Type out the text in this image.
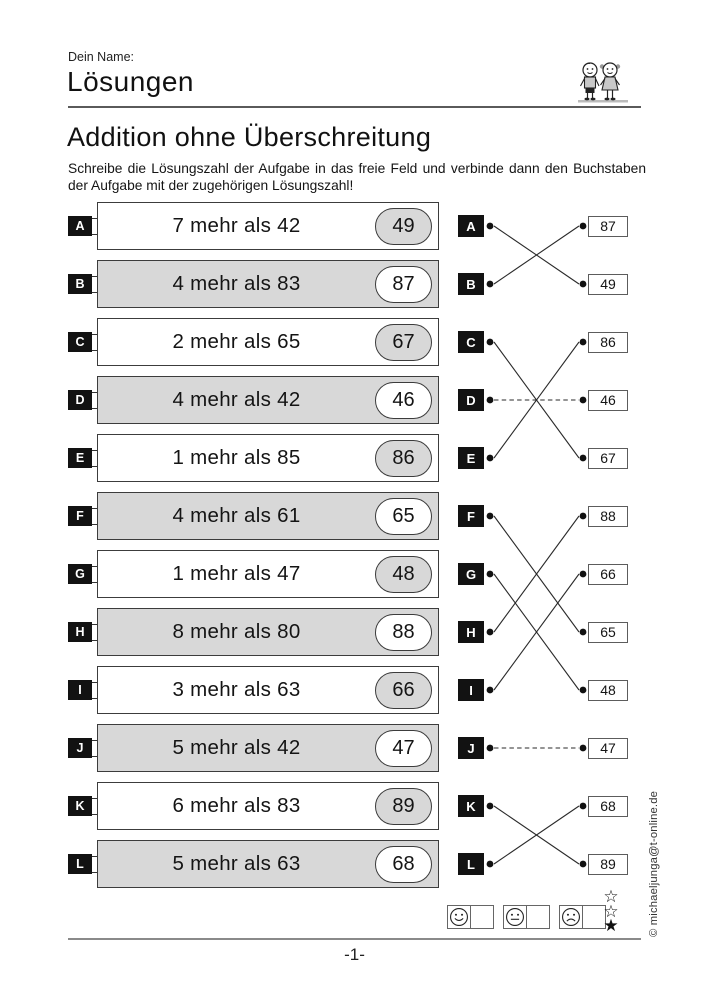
Dein Name:
Lösungen
Addition ohne Überschreitung

Schreibe die Lösungszahl der Aufgabe in das freie Feld und verbinde dann den Buchstaben der Aufgabe mit der zugehörigen Lösungszahl!

A	7 mehr als 42	49
B	4 mehr als 83	87
C	2 mehr als 65	67
D	4 mehr als 42	46
E	1 mehr als 85	86
F	4 mehr als 61	65
G	1 mehr als 47	48
H	8 mehr als 80	88
I	3 mehr als 63	66
J	5 mehr als 42	47
K	6 mehr als 83	89
L	5 mehr als 63	68
A
B
C
D
E
F
G
H
I
J
K
L
87
49
86
46
67
88
66
65
48
47
68
89
☆
☆
★	© michaeljunga@t-online.de
-1-
